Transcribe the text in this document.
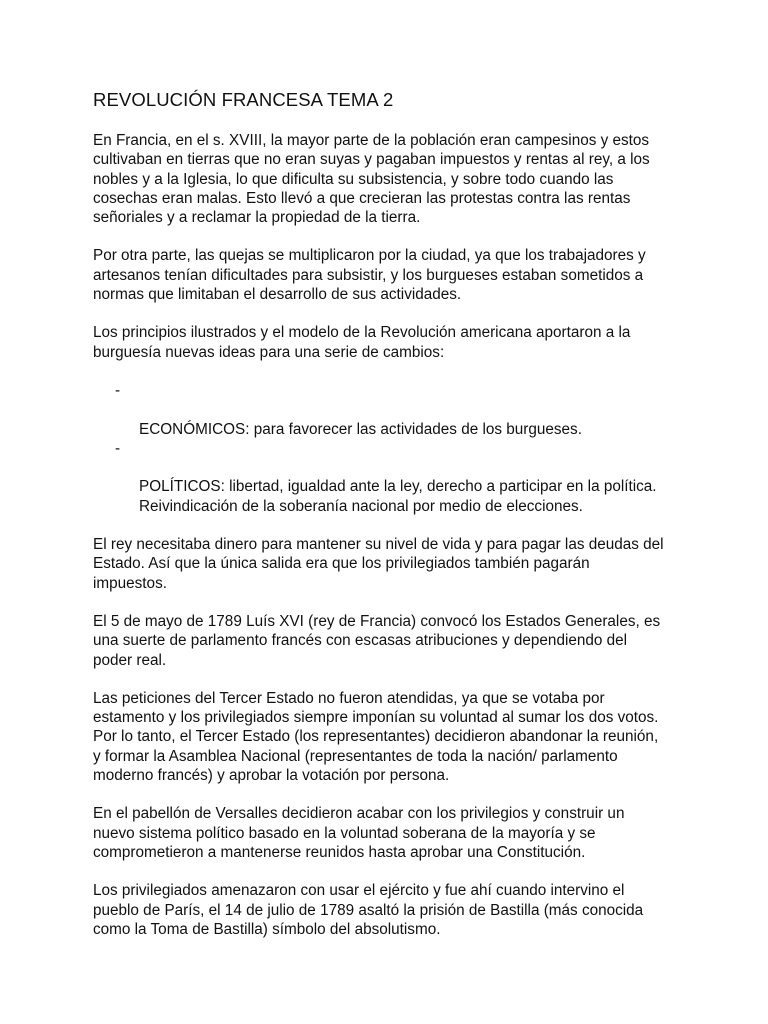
REVOLUCIÓN FRANCESA TEMA 2

En Francia, en el s. XVIII, la mayor parte de la población eran campesinos y estos
cultivaban en tierras que no eran suyas y pagaban impuestos y rentas al rey, a los
nobles y a la Iglesia, lo que dificulta su subsistencia, y sobre todo cuando las
cosechas eran malas. Esto llevó a que crecieran las protestas contra las rentas
señoriales y a reclamar la propiedad de la tierra.

Por otra parte, las quejas se multiplicaron por la ciudad, ya que los trabajadores y
artesanos tenían dificultades para subsistir, y los burgueses estaban sometidos a
normas que limitaban el desarrollo de sus actividades.

Los principios ilustrados y el modelo de la Revolución americana aportaron a la
burguesía nuevas ideas para una serie de cambios:

-

ECONÓMICOS: para favorecer las actividades de los burgueses.

-

POLÍTICOS: libertad, igualdad ante la ley, derecho a participar en la política.
Reivindicación de la soberanía nacional por medio de elecciones.

El rey necesitaba dinero para mantener su nivel de vida y para pagar las deudas del
Estado. Así que la única salida era que los privilegiados también pagarán
impuestos.

El 5 de mayo de 1789 Luís XVI (rey de Francia) convocó los Estados Generales, es
una suerte de parlamento francés con escasas atribuciones y dependiendo del
poder real.

Las peticiones del Tercer Estado no fueron atendidas, ya que se votaba por
estamento y los privilegiados siempre imponían su voluntad al sumar los dos votos.
Por lo tanto, el Tercer Estado (los representantes) decidieron abandonar la reunión,
y formar la Asamblea Nacional (representantes de toda la nación/ parlamento
moderno francés) y aprobar la votación por persona.

En el pabellón de Versalles decidieron acabar con los privilegios y construir un
nuevo sistema político basado en la voluntad soberana de la mayoría y se
comprometieron a mantenerse reunidos hasta aprobar una Constitución.

Los privilegiados amenazaron con usar el ejército y fue ahí cuando intervino el
pueblo de París, el 14 de julio de 1789 asaltó la prisión de Bastilla (más conocida
como la Toma de Bastilla) símbolo del absolutismo.
